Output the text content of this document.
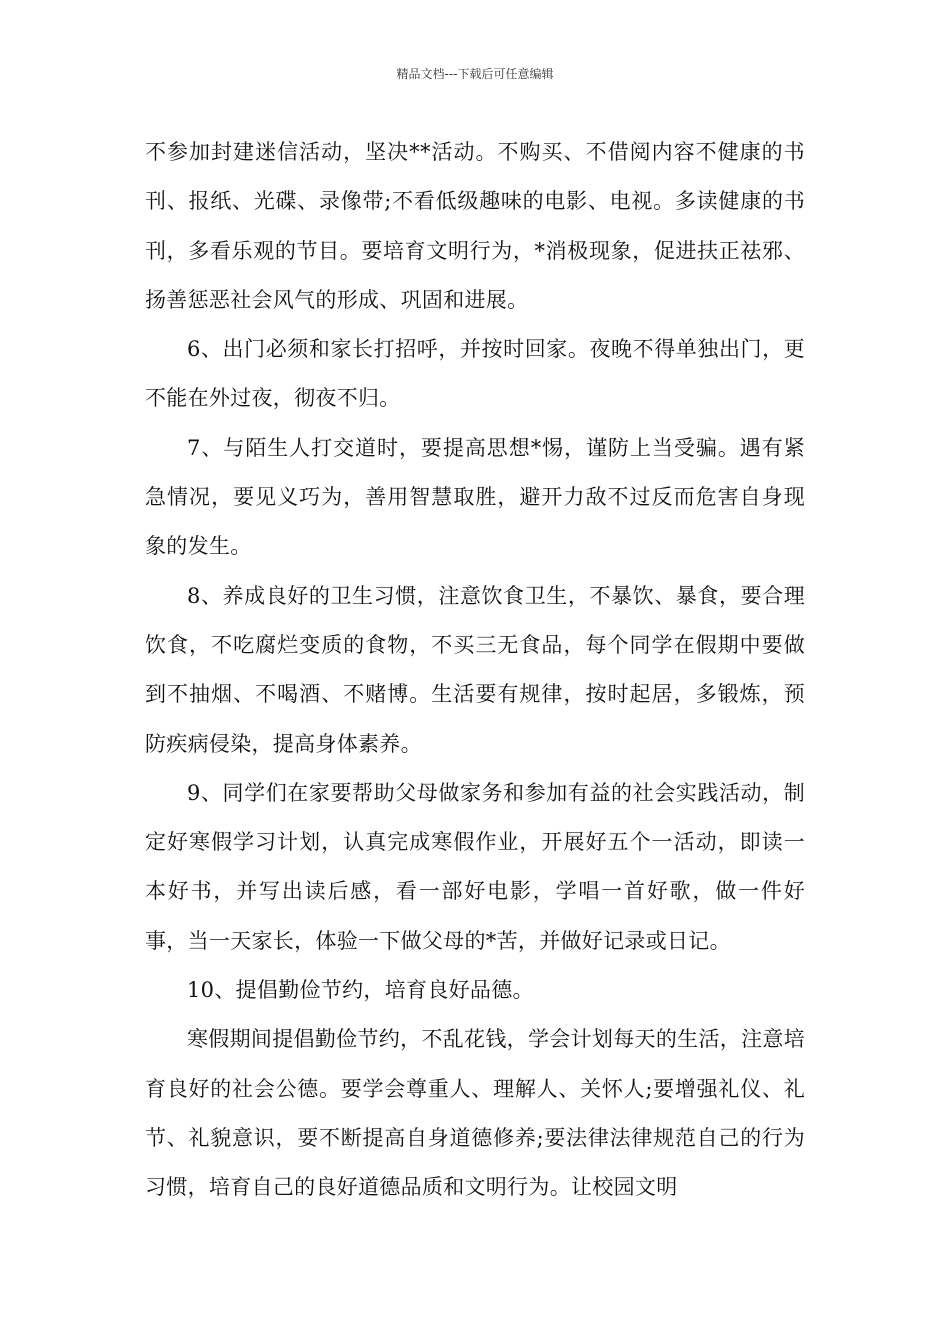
精品文档---下载后可任意编辑

不参加封建迷信活动，坚决**活动。不购买、不借阅内容不健康的书刊、报纸、光碟、录像带;不看低级趣味的电影、电视。多读健康的书刊，多看乐观的节目。要培育文明行为，*消极现象，促进扶正祛邪、扬善惩恶社会风气的形成、巩固和进展。

6、出门必须和家长打招呼，并按时回家。夜晚不得单独出门，更不能在外过夜，彻夜不归。

7、与陌生人打交道时，要提高思想*惕，谨防上当受骗。遇有紧急情况，要见义巧为，善用智慧取胜，避开力敌不过反而危害自身现象的发生。

8、养成良好的卫生习惯，注意饮食卫生，不暴饮、暴食，要合理饮食，不吃腐烂变质的食物，不买三无食品，每个同学在假期中要做到不抽烟、不喝酒、不赌博。生活要有规律，按时起居，多锻炼，预防疾病侵染，提高身体素养。

9、同学们在家要帮助父母做家务和参加有益的社会实践活动，制定好寒假学习计划，认真完成寒假作业，开展好五个一活动，即读一本好书，并写出读后感，看一部好电影，学唱一首好歌，做一件好事，当一天家长，体验一下做父母的*苦，并做好记录或日记。

10、提倡勤俭节约，培育良好品德。

寒假期间提倡勤俭节约，不乱花钱，学会计划每天的生活，注意培育良好的社会公德。要学会尊重人、理解人、关怀人;要增强礼仪、礼节、礼貌意识，要不断提高自身道德修养;要法律法律规范自己的行为习惯，培育自己的良好道德品质和文明行为。让校园文明
